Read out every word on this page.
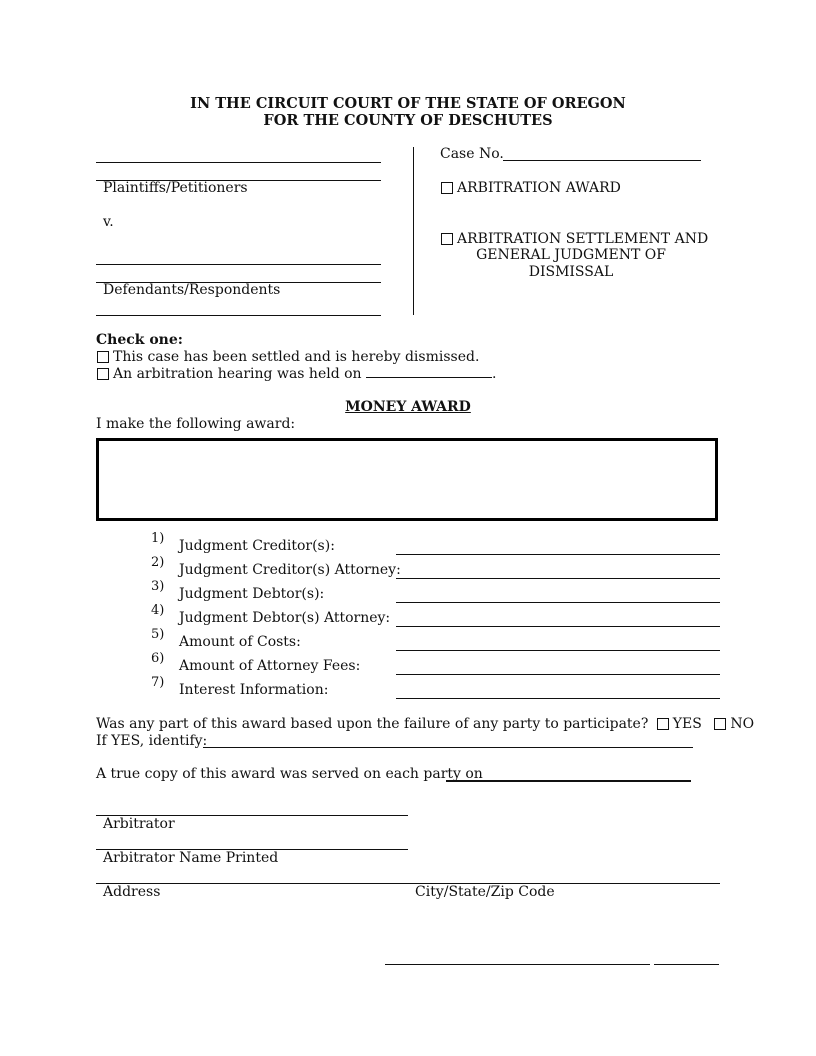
IN THE CIRCUIT COURT OF THE STATE OF OREGON
FOR THE COUNTY OF DESCHUTES
Plaintiffs/Petitioners
v.
Defendants/Respondents
Case No.
ARBITRATION AWARD
ARBITRATION SETTLEMENT AND
GENERAL JUDGMENT OF
DISMISSAL
Check one:
This case has been settled and is hereby dismissed.
An arbitration hearing was held on	.
MONEY AWARD
I make the following award:
1) Judgment Creditor(s):
2) Judgment Creditor(s) Attorney:
3) Judgment Debtor(s):
4) Judgment Debtor(s) Attorney:
5) Amount of Costs:
6) Amount of Attorney Fees:
7) Interest Information:
Was any part of this award based upon the failure of any party to participate? YES NO
If YES, identify:
A true copy of this award was served on each party on
Arbitrator
Arbitrator Name Printed
Address	City/State/Zip Code
